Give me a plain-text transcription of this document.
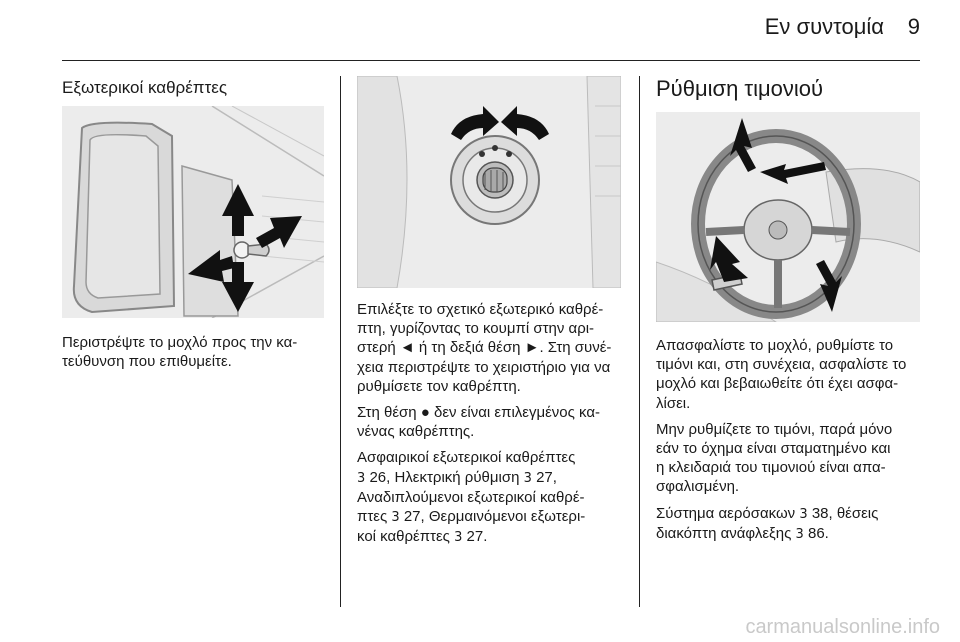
Εν συντομία 9
Εξωτερικοί καθρέπτες
Περιστρέψτε το μοχλό προς την κα-
τεύθυνση που επιθυμείτε.

Επιλέξτε το σχετικό εξωτερικό καθρέ-
πτη, γυρίζοντας το κουμπί στην αρι-
στερή ◄ ή τη δεξιά θέση ►. Στη συνέ-
χεια περιστρέψτε το χειριστήριο για να
ρυθμίσετε τον καθρέπτη.

Στη θέση ● δεν είναι επιλεγμένος κα-
νένας καθρέπτης.

Ασφαιρικοί εξωτερικοί καθρέπτες
3 26, Ηλεκτρική ρύθμιση 3 27,
Αναδιπλούμενοι εξωτερικοί καθρέ-
πτες 3 27, Θερμαινόμενοι εξωτερι-
κοί καθρέπτες 3 27.

Ρύθμιση τιμονιού

Απασφαλίστε το μοχλό, ρυθμίστε το
τιμόνι και, στη συνέχεια, ασφαλίστε το
μοχλό και βεβαιωθείτε ότι έχει ασφα-
λίσει.

Μην ρυθμίζετε το τιμόνι, παρά μόνο
εάν το όχημα είναι σταματημένο και
η κλειδαριά του τιμονιού είναι απα-
σφαλισμένη.

Σύστημα αερόσακων 3 38, θέσεις
διακόπτη ανάφλεξης 3 86.

carmanualsonline.info
